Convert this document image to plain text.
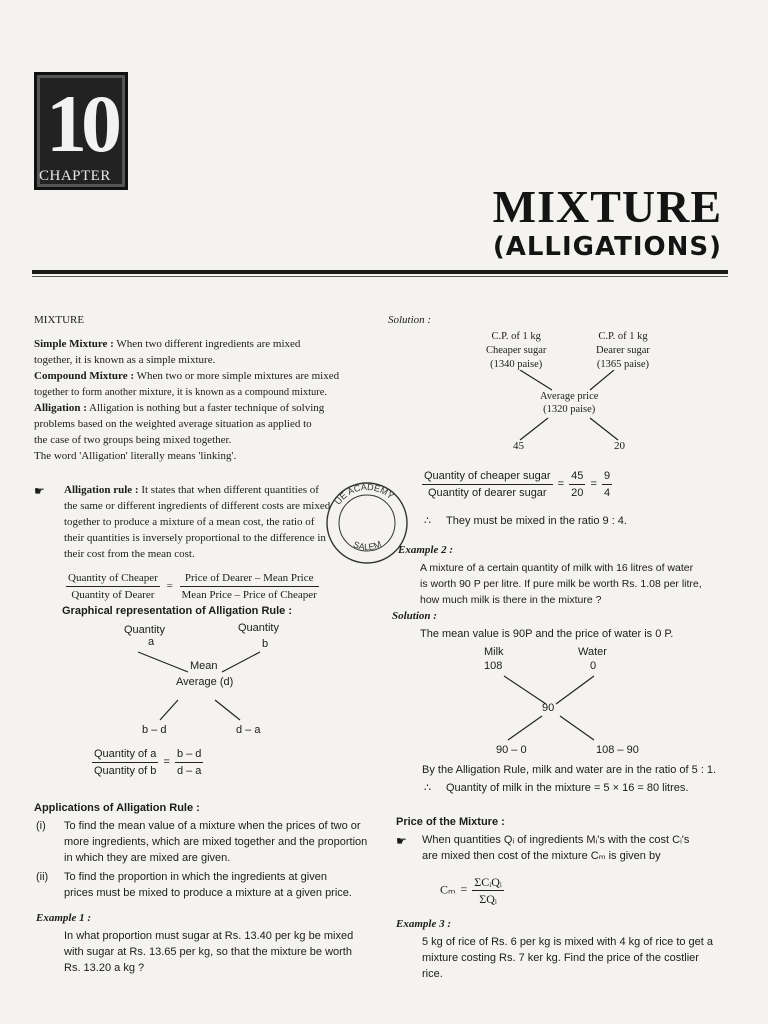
10
CHAPTER
MIXTURE
(ALLIGATIONS)
MIXTURE
Simple Mixture : When two different ingredients are mixed
together, it is known as a simple mixture.
Compound Mixture : When two or more simple mixtures are mixed
together to form another mixture, it is known as a compound mixture.
Alligation : Alligation is nothing but a faster technique of solving
problems based on the weighted average situation as applied to
the case of two groups being mixed together.
The word 'Alligation' literally means 'linking'.
☛ Alligation rule : It states that when different quantities of
the same or different ingredients of different costs are mixed
together to produce a mixture of a mean cost, the ratio of
their quantities is inversely proportional to the difference in
their cost from the mean cost.
$\frac{\text{Quantity of Cheaper}}{\text{Quantity of Dearer}} = \frac{\text{Price of Dearer – Mean Price}}{\text{Mean Price – Price of Cheaper}}$
Graphical representation of Alligation Rule :
Quantity
a
Quantity
b
Mean
Average (d)
b – d	d – a
$\frac{\text{Quantity of a}}{\text{Quantity of b}} = \frac{b - d}{d - a}$
Applications of Alligation Rule :
(i) To find the mean value of a mixture when the prices of two or
more ingredients, which are mixed together and the proportion
in which they are mixed are given.
(ii) To find the proportion in which the ingredients at given
prices must be mixed to produce a mixture at a given price.
Example 1 :
In what proportion must sugar at Rs. 13.40 per kg be mixed
with sugar at Rs. 13.65 per kg, so that the mixture be worth
Rs. 13.20 a kg ?
UE ACADEMY
SALEM
Solution :
C.P. of 1 kg
Cheaper sugar
(1340 paise)
C.P. of 1 kg
Dearer sugar
(1365 paise)
Average price
(1320 paise)
45	20
$\frac{\text{Quantity of cheaper sugar}}{\text{Quantity of dearer sugar}} = \frac{45}{20} = \frac{9}{4}$
∴ They must be mixed in the ratio 9 : 4.
Example 2 :
A mixture of a certain quantity of milk with 16 litres of water
is worth 90 P per litre. If pure milk be worth Rs. 1.08 per litre,
how much milk is there in the mixture ?
Solution :
The mean value is 90P and the price of water is 0 P.
Milk
108
Water
0
90
90 – 0	108 – 90
By the Alligation Rule, milk and water are in the ratio of 5 : 1.
∴ Quantity of milk in the mixture = 5 × 16 = 80 litres.
Price of the Mixture :
☛ When quantities Qᵢ of ingredients Mᵢ's with the cost Cᵢ's
are mixed then cost of the mixture Cₘ is given by
$C_m = \frac{\text{ΣCᵢQᵢ}}{\text{ΣQᵢ}}$
Example 3 :
5 kg of rice of Rs. 6 per kg is mixed with 4 kg of rice to get a
mixture costing Rs. 7 ker kg. Find the price of the costlier
rice.
